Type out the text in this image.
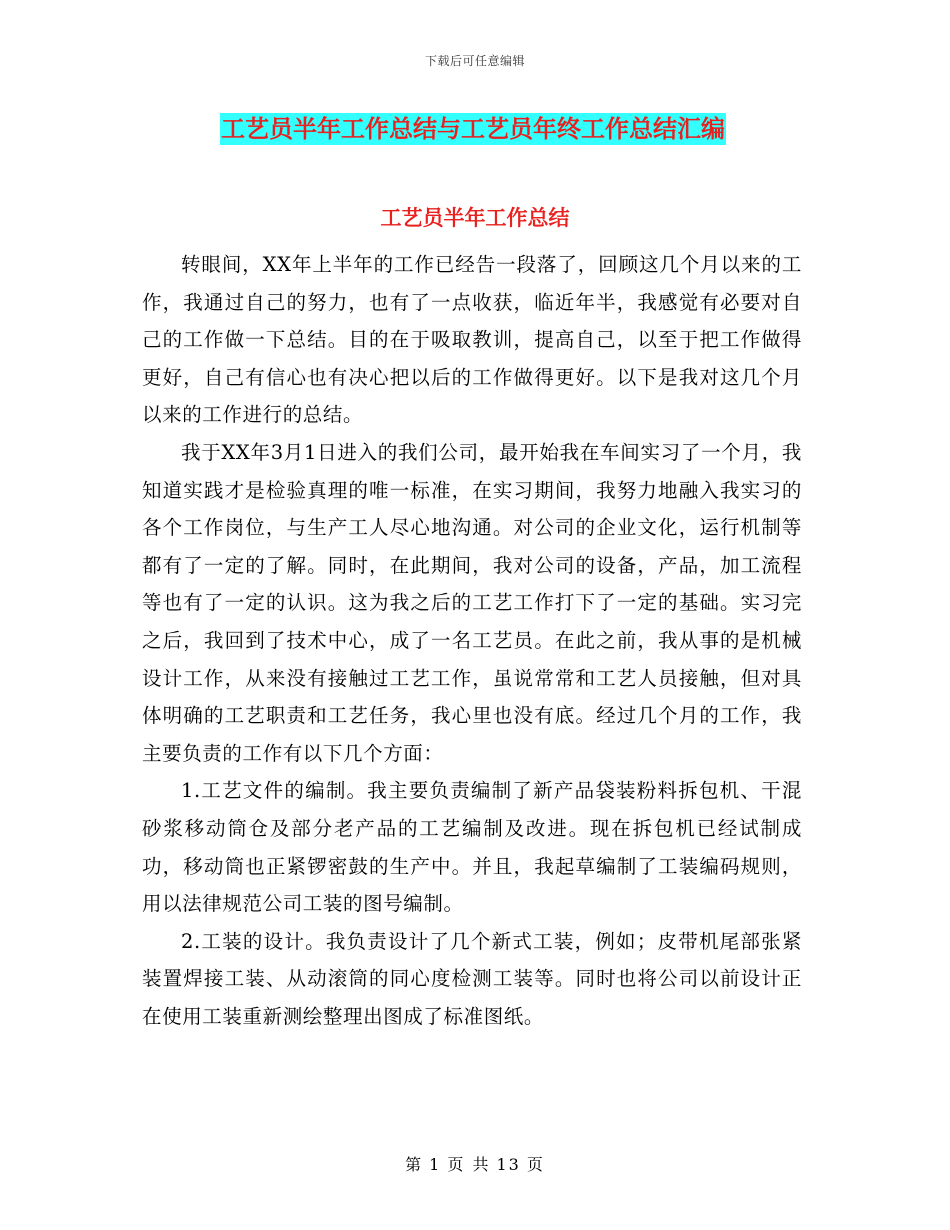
下载后可任意编辑
工艺员半年工作总结与工艺员年终工作总结汇编
工艺员半年工作总结

转眼间，XX年上半年的工作已经告一段落了，回顾这几个月以来的工作，我通过自己的努力，也有了一点收获，临近年半，我感觉有必要对自己的工作做一下总结。目的在于吸取教训，提高自己，以至于把工作做得更好，自己有信心也有决心把以后的工作做得更好。以下是我对这几个月以来的工作进行的总结。

我于XX年3月1日进入的我们公司，最开始我在车间实习了一个月，我知道实践才是检验真理的唯一标准，在实习期间，我努力地融入我实习的各个工作岗位，与生产工人尽心地沟通。对公司的企业文化，运行机制等都有了一定的了解。同时，在此期间，我对公司的设备，产品，加工流程等也有了一定的认识。这为我之后的工艺工作打下了一定的基础。实习完之后，我回到了技术中心，成了一名工艺员。在此之前，我从事的是机械设计工作，从来没有接触过工艺工作，虽说常常和工艺人员接触，但对具体明确的工艺职责和工艺任务，我心里也没有底。经过几个月的工作，我主要负责的工作有以下几个方面：

1.工艺文件的编制。我主要负责编制了新产品袋装粉料拆包机、干混砂浆移动筒仓及部分老产品的工艺编制及改进。现在拆包机已经试制成功，移动筒也正紧锣密鼓的生产中。并且，我起草编制了工装编码规则，用以法律规范公司工装的图号编制。

2.工装的设计。我负责设计了几个新式工装，例如；皮带机尾部张紧装置焊接工装、从动滚筒的同心度检测工装等。同时也将公司以前设计正在使用工装重新测绘整理出图成了标准图纸。

第 1 页 共 13 页
